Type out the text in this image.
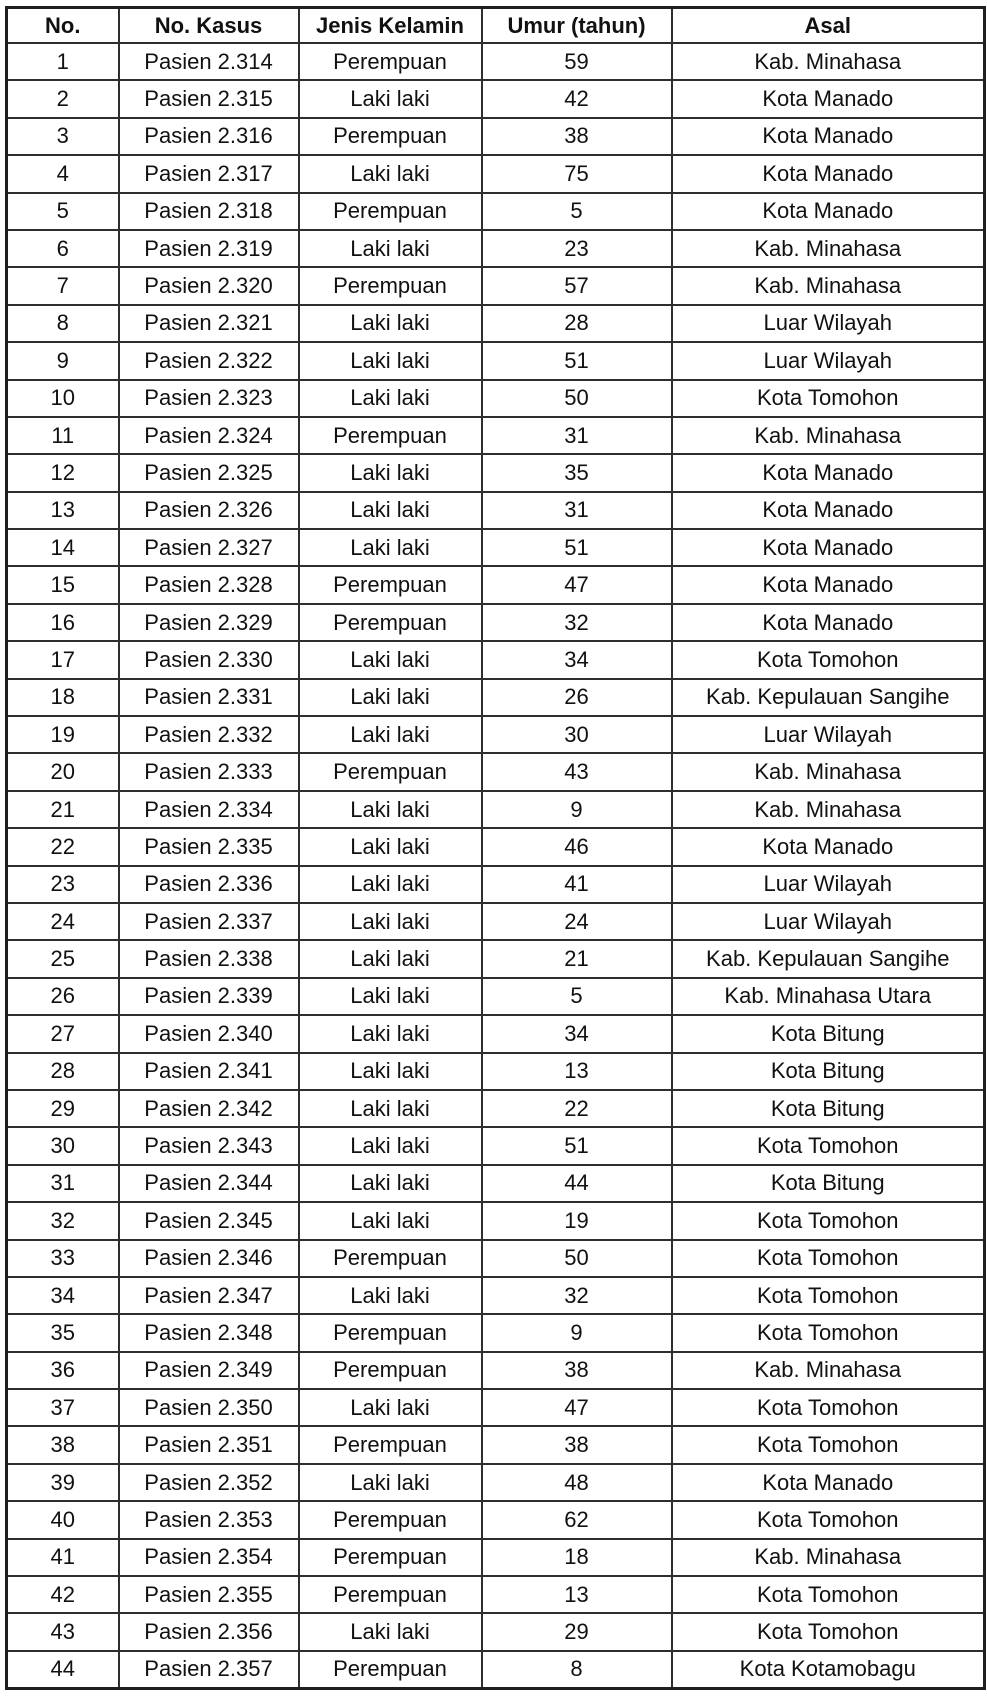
No.	No. Kasus	Jenis Kelamin	Umur (tahun)	Asal
1	Pasien 2.314	Perempuan	59	Kab. Minahasa
2	Pasien 2.315	Laki laki	42	Kota Manado
3	Pasien 2.316	Perempuan	38	Kota Manado
4	Pasien 2.317	Laki laki	75	Kota Manado
5	Pasien 2.318	Perempuan	5	Kota Manado
6	Pasien 2.319	Laki laki	23	Kab. Minahasa
7	Pasien 2.320	Perempuan	57	Kab. Minahasa
8	Pasien 2.321	Laki laki	28	Luar Wilayah
9	Pasien 2.322	Laki laki	51	Luar Wilayah
10	Pasien 2.323	Laki laki	50	Kota Tomohon
11	Pasien 2.324	Perempuan	31	Kab. Minahasa
12	Pasien 2.325	Laki laki	35	Kota Manado
13	Pasien 2.326	Laki laki	31	Kota Manado
14	Pasien 2.327	Laki laki	51	Kota Manado
15	Pasien 2.328	Perempuan	47	Kota Manado
16	Pasien 2.329	Perempuan	32	Kota Manado
17	Pasien 2.330	Laki laki	34	Kota Tomohon
18	Pasien 2.331	Laki laki	26	Kab. Kepulauan Sangihe
19	Pasien 2.332	Laki laki	30	Luar Wilayah
20	Pasien 2.333	Perempuan	43	Kab. Minahasa
21	Pasien 2.334	Laki laki	9	Kab. Minahasa
22	Pasien 2.335	Laki laki	46	Kota Manado
23	Pasien 2.336	Laki laki	41	Luar Wilayah
24	Pasien 2.337	Laki laki	24	Luar Wilayah
25	Pasien 2.338	Laki laki	21	Kab. Kepulauan Sangihe
26	Pasien 2.339	Laki laki	5	Kab. Minahasa Utara
27	Pasien 2.340	Laki laki	34	Kota Bitung
28	Pasien 2.341	Laki laki	13	Kota Bitung
29	Pasien 2.342	Laki laki	22	Kota Bitung
30	Pasien 2.343	Laki laki	51	Kota Tomohon
31	Pasien 2.344	Laki laki	44	Kota Bitung
32	Pasien 2.345	Laki laki	19	Kota Tomohon
33	Pasien 2.346	Perempuan	50	Kota Tomohon
34	Pasien 2.347	Laki laki	32	Kota Tomohon
35	Pasien 2.348	Perempuan	9	Kota Tomohon
36	Pasien 2.349	Perempuan	38	Kab. Minahasa
37	Pasien 2.350	Laki laki	47	Kota Tomohon
38	Pasien 2.351	Perempuan	38	Kota Tomohon
39	Pasien 2.352	Laki laki	48	Kota Manado
40	Pasien 2.353	Perempuan	62	Kota Tomohon
41	Pasien 2.354	Perempuan	18	Kab. Minahasa
42	Pasien 2.355	Perempuan	13	Kota Tomohon
43	Pasien 2.356	Laki laki	29	Kota Tomohon
44	Pasien 2.357	Perempuan	8	Kota Kotamobagu
